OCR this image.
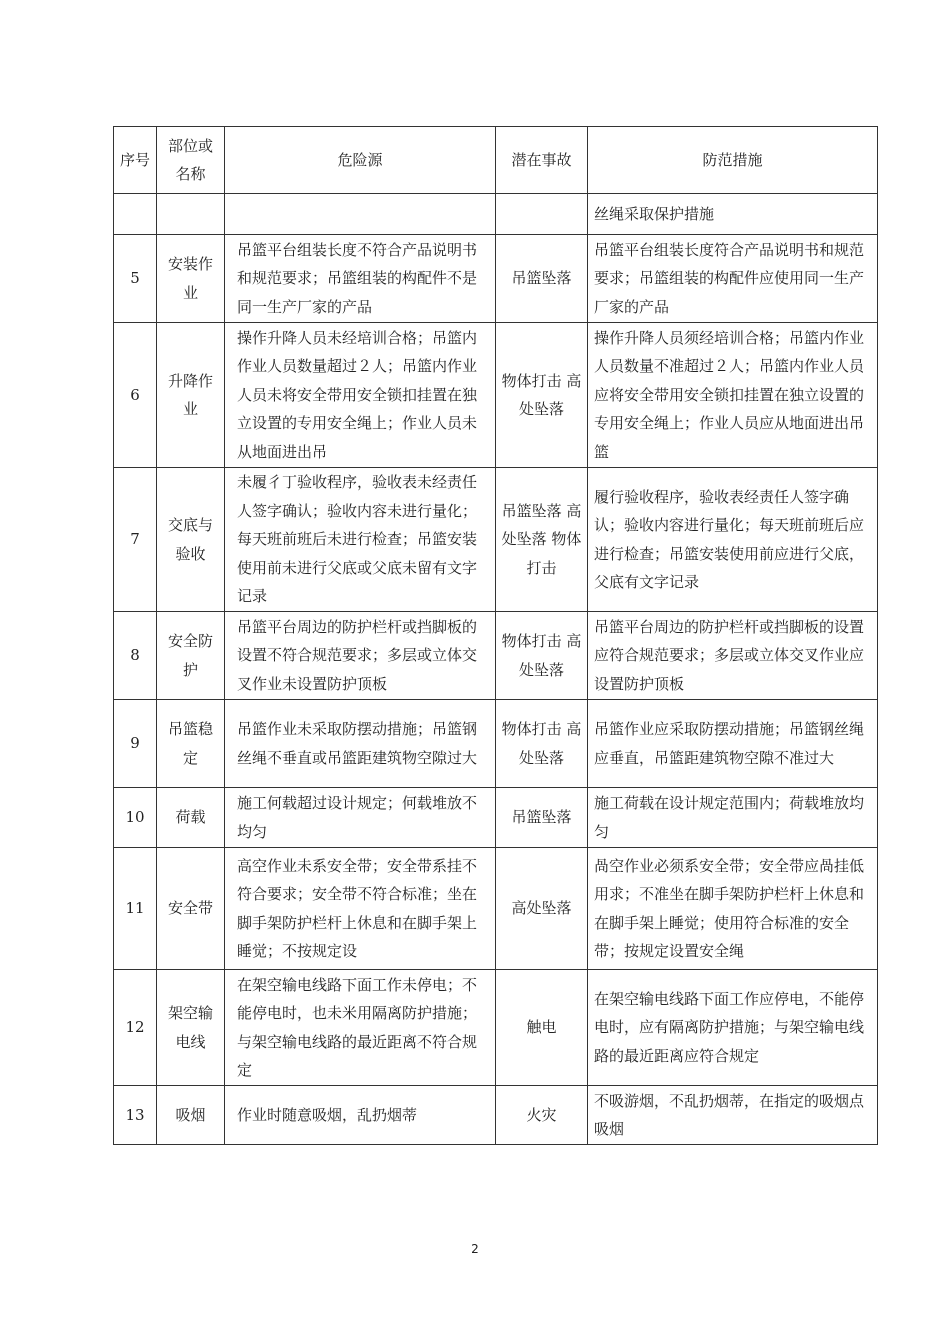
序号	部位或名称	危险源	潜在事故	防范措施
				丝绳采取保护措施
5	安装作业	吊篮平台组装长度不符合产品说明书和规范要求；吊篮组装的构配件不是同一生产厂家的产品	吊篮坠落	吊篮平台组装长度符合产品说明书和规范要求；吊篮组装的构配件应使用同一生产厂家的产品
6	升降作业	操作升降人员未经培训合格；吊篮内作业人员数量超过２人；吊篮内作业人员未将安全带用安全锁扣挂置在独立设置的专用安全绳上；作业人员未从地面进出吊	物体打击 高处坠落	操作升降人员须经培训合格；吊篮内作业人员数量不准超过２人；吊篮内作业人员应将安全带用安全锁扣挂置在独立设置的专用安全绳上；作业人员应从地面进出吊篮
7	交底与验收	未履彳丁验收程序，验收表未经责任人签字确认；验收内容未进行量化；每天班前班后未进行检查；吊篮安装使用前未进行父底或父底未留有文字记录	吊篮坠落 高处坠落 物体打击	履行验收程序，验收表经责任人签字确认；验收内容进行量化；每天班前班后应进行检查；吊篮安装使用前应进行父底，父底有文字记录
8	安全防护	吊篮平台周边的防护栏杆或挡脚板的设置不符合规范要求；多层或立体交叉作业未设置防护顶板	物体打击 高处坠落	吊篮平台周边的防护栏杆或挡脚板的设置应符合规范要求；多层或立体交叉作业应设置防护顶板
9	吊篮稳定	吊篮作业未采取防摆动措施；吊篮钢丝绳不垂直或吊篮距建筑物空隙过大	物体打击 高处坠落	吊篮作业应采取防摆动措施；吊篮钢丝绳应垂直，吊篮距建筑物空隙不准过大
10	荷载	施工何载超过设计规定；何载堆放不均匀	吊篮坠落	施工荷载在设计规定范围内；荷载堆放均匀
11	安全带	高空作业未系安全带；安全带系挂不符合要求；安全带不符合标准；坐在脚手架防护栏杆上休息和在脚手架上睡觉；不按规定设	高处坠落	咼空作业必须系安全带；安全带应咼挂低用求；不准坐在脚手架防护栏杆上休息和在脚手架上睡觉；使用符合标准的安全带；按规定设置安全绳
12	架空输电线	在架空输电线路下面工作未停电；不能停电时，也未米用隔离防护措施；与架空输电线路的最近距离不符合规定	触电	在架空输电线路下面工作应停电，不能停电时，应有隔离防护措施；与架空输电线路的最近距离应符合规定
13	吸烟	作业时随意吸烟，乱扔烟蒂	火灾	不吸游烟，不乱扔烟蒂，在指定的吸烟点吸烟
2
